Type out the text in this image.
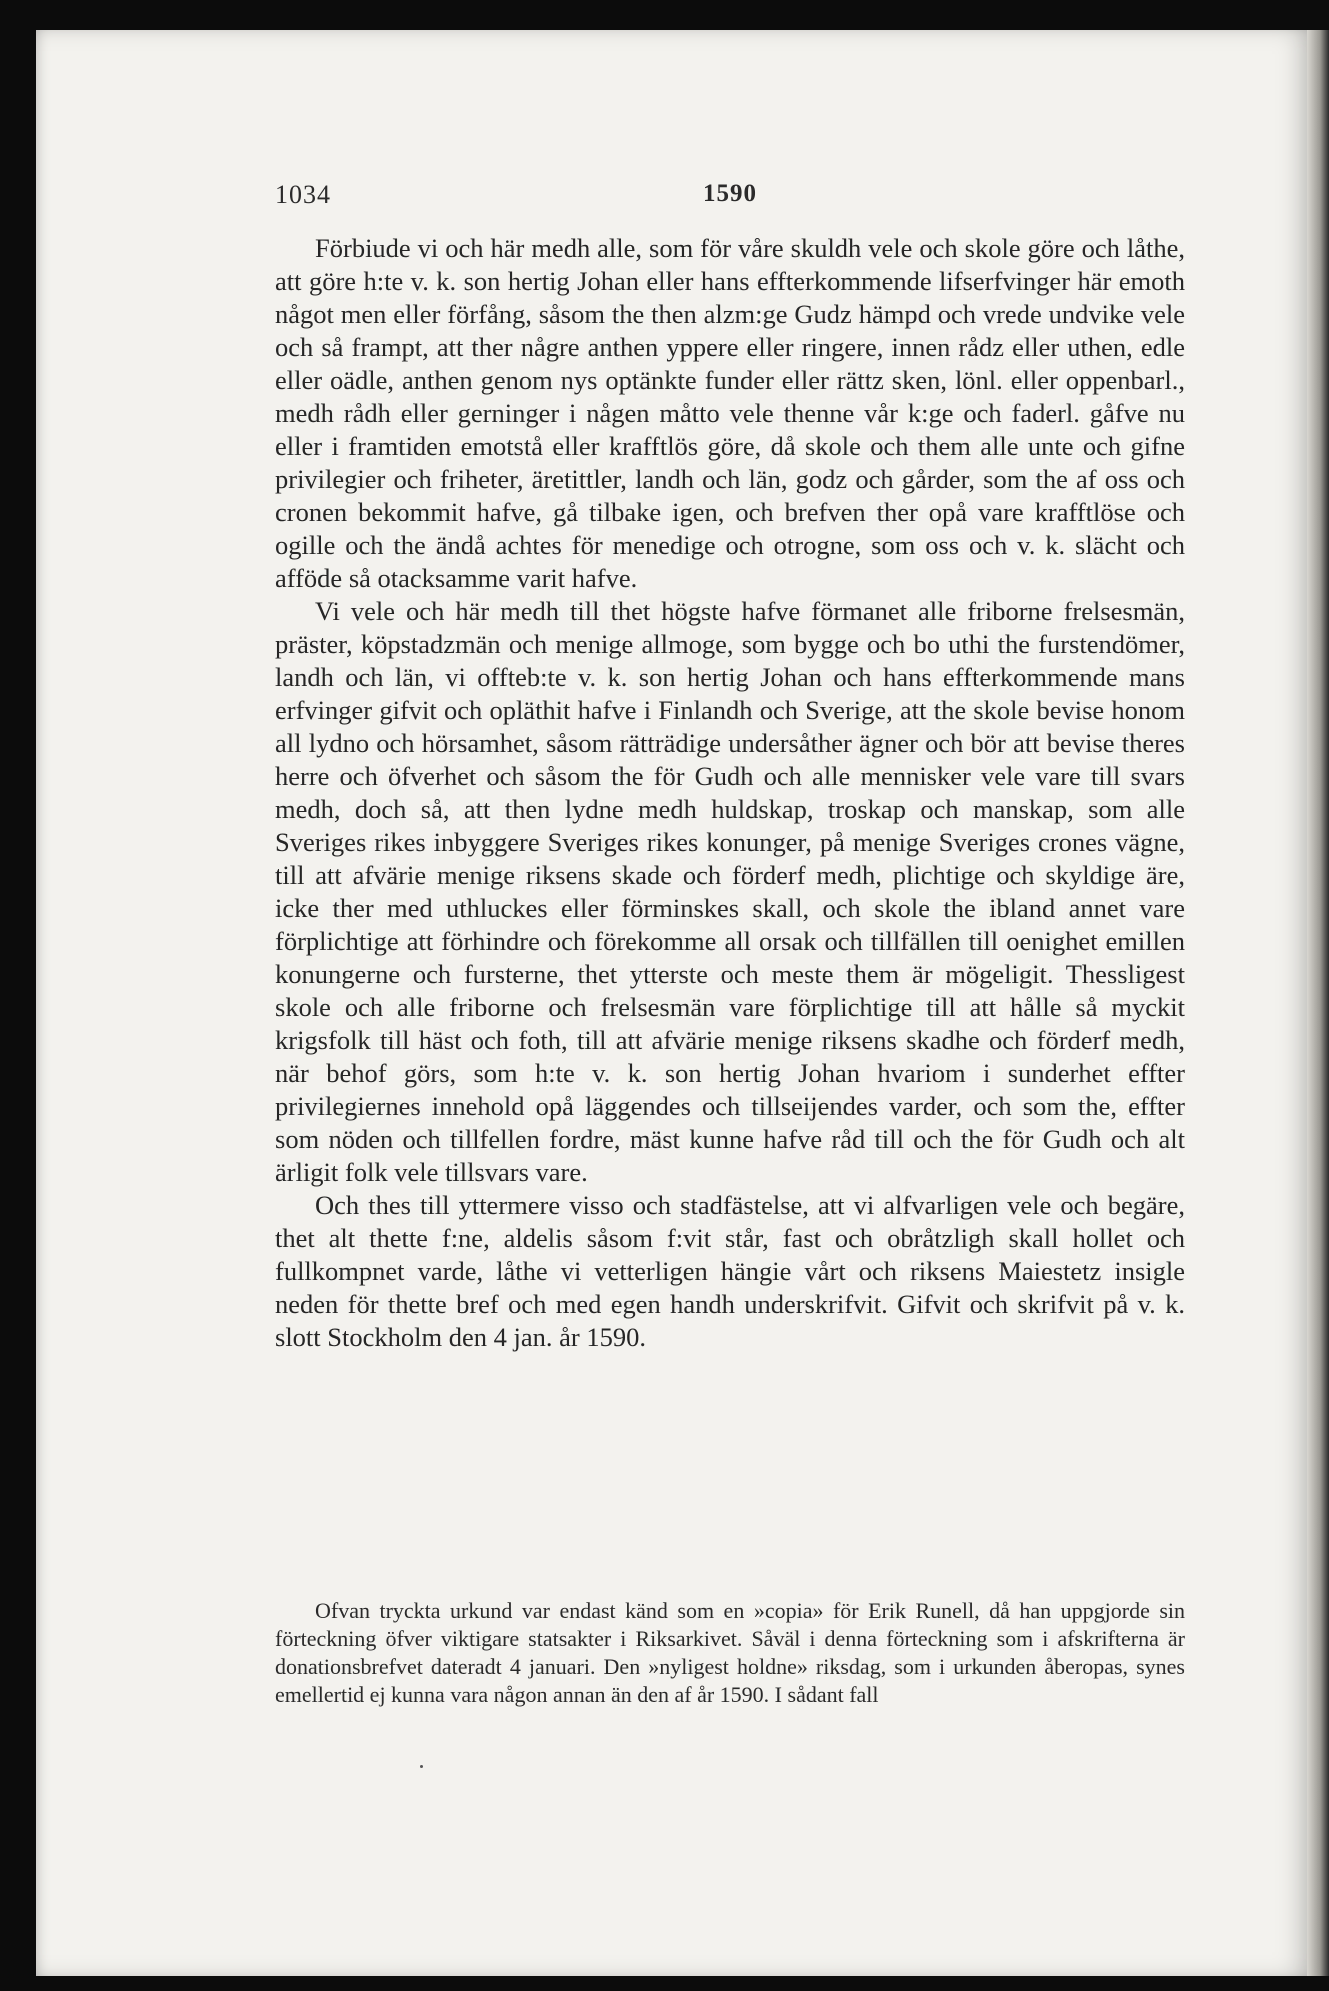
1034	1590

Förbiude vi och här medh alle, som för våre skuldh vele och skole göre och låthe, att göre h:te v. k. son hertig Johan eller hans effterkommende lifserfvinger här emoth något men eller förfång, såsom the then alzm:ge Gudz hämpd och vrede undvike vele och så frampt, att ther någre anthen yppere eller ringere, innen rådz eller uthen, edle eller oädle, anthen genom nys optänkte funder eller rättz sken, lönl. eller oppenbarl., medh rådh eller gerninger i någen måtto vele thenne vår k:ge och faderl. gåfve nu eller i framtiden emotstå eller krafftlös göre, då skole och them alle unte och gifne privilegier och friheter, äretittler, landh och län, godz och gårder, som the af oss och cronen bekommit hafve, gå tilbake igen, och brefven ther opå vare krafftlöse och ogille och the ändå achtes för menedige och otrogne, som oss och v. k. slächt och afföde så otacksamme varit hafve.

Vi vele och här medh till thet högste hafve förmanet alle friborne frelsesmän, präster, köpstadzmän och menige allmoge, som bygge och bo uthi the furstendömer, landh och län, vi offteb:te v. k. son hertig Johan och hans effterkommende mans erfvinger gifvit och opläthit hafve i Finlandh och Sverige, att the skole bevise honom all lydno och hörsamhet, såsom rätträdige undersåther ägner och bör att bevise theres herre och öfverhet och såsom the för Gudh och alle mennisker vele vare till svars medh, doch så, att then lydne medh huldskap, troskap och manskap, som alle Sveriges rikes inbyggere Sveriges rikes konunger, på menige Sveriges crones vägne, till att afvärie menige riksens skade och förderf medh, plichtige och skyldige äre, icke ther med uthluckes eller förminskes skall, och skole the ibland annet vare förplichtige att förhindre och förekomme all orsak och tillfällen till oenighet emillen konungerne och fursterne, thet ytterste och meste them är mögeligit. Thessligest skole och alle friborne och frelsesmän vare förplichtige till att hålle så myckit krigsfolk till häst och foth, till att afvärie menige riksens skadhe och förderf medh, när behof görs, som h:te v. k. son hertig Johan hvariom i sunderhet effter privilegiernes innehold opå läggendes och tillseijendes varder, och som the, effter som nöden och tillfellen fordre, mäst kunne hafve råd till och the för Gudh och alt ärligit folk vele tillsvars vare.

Och thes till yttermere visso och stadfästelse, att vi alfvarligen vele och begäre, thet alt thette f:ne, aldelis såsom f:vit står, fast och obråtzligh skall hollet och fullkompnet varde, låthe vi vetterligen hängie vårt och riksens Maiestetz insigle neden för thette bref och med egen handh underskrifvit. Gifvit och skrifvit på v. k. slott Stockholm den 4 jan. år 1590.

Ofvan tryckta urkund var endast känd som en »copia» för Erik Runell, då han uppgjorde sin förteckning öfver viktigare statsakter i Riksarkivet. Såväl i denna förteckning som i afskrifterna är donationsbrefvet dateradt 4 januari. Den »nyligest holdne» riksdag, som i urkunden åberopas, synes emellertid ej kunna vara någon annan än den af år 1590. I sådant fall
